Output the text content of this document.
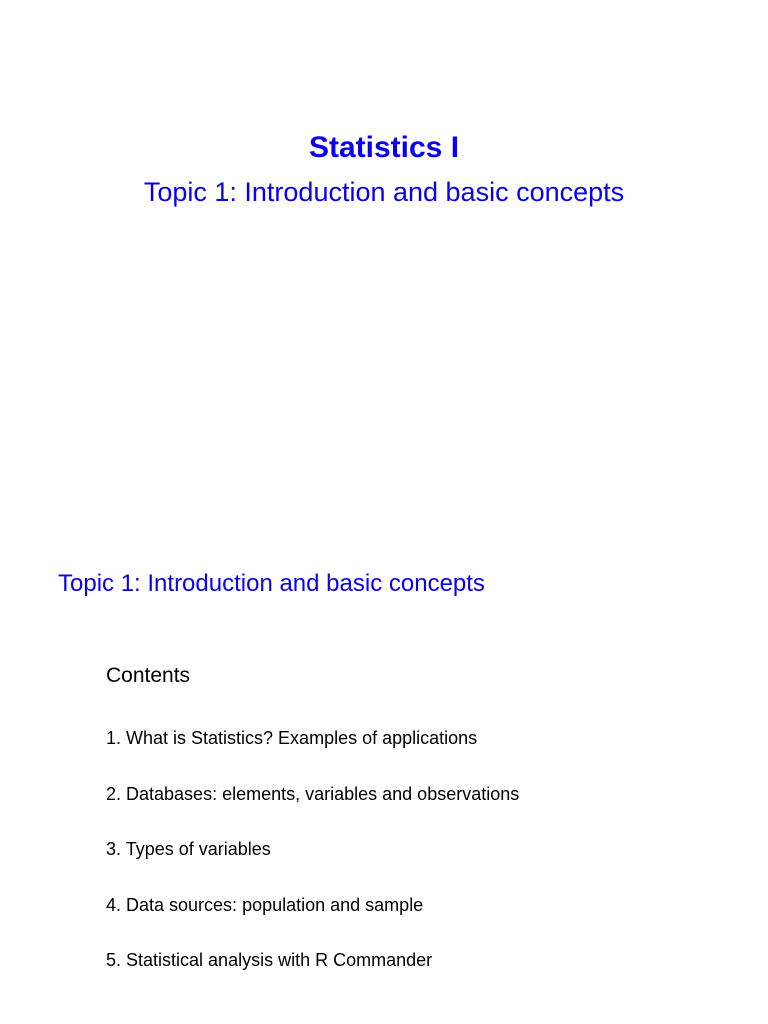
Statistics I
Topic 1: Introduction and basic concepts
Topic 1: Introduction and basic concepts
Contents
1. What is Statistics? Examples of applications
2. Databases: elements, variables and observations
3. Types of variables
4. Data sources: population and sample
5. Statistical analysis with R Commander
